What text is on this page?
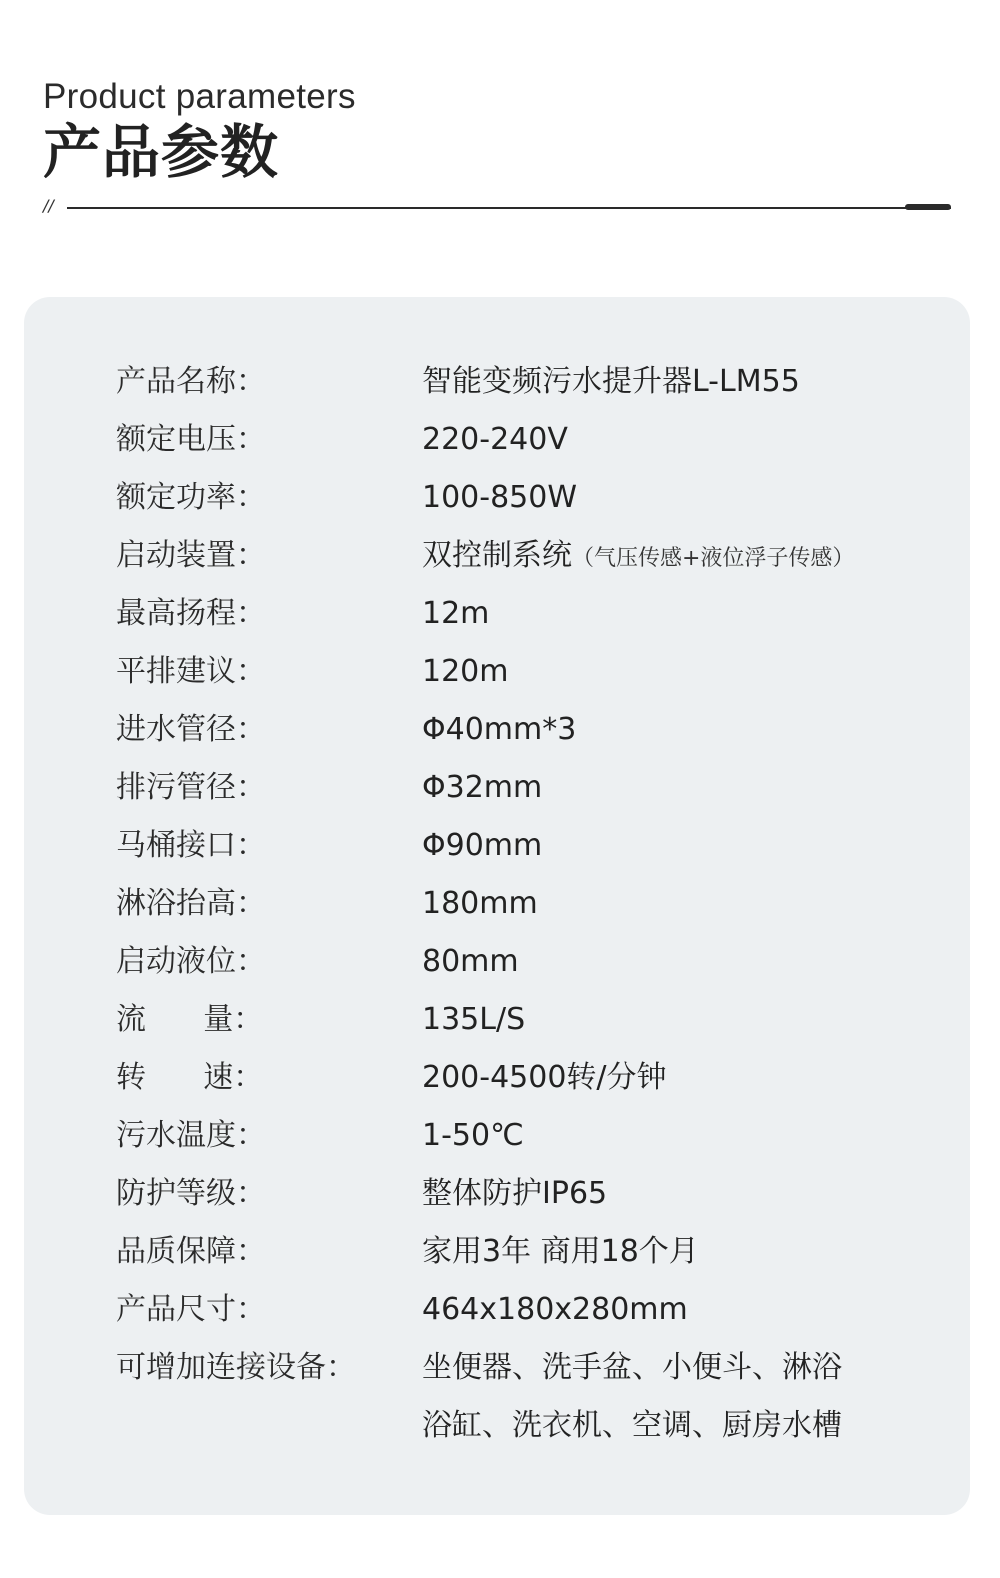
Product parameters
产品参数
//
产品名称：	智能变频污水提升器L-LM55
额定电压：	220-240V
额定功率：	100-850W
启动装置：	双控制系统（气压传感+液位浮子传感）
最高扬程：	12m
平排建议：	120m
进水管径：	Φ40mm*3
排污管径：	Φ32mm
马桶接口：	Φ90mm
淋浴抬高：	180mm
启动液位：	80mm
流      量：	135L/S
转      速：	200-4500转/分钟
污水温度：	1-50℃
防护等级：	整体防护IP65
品质保障：	家用3年 商用18个月
产品尺寸：	464x180x280mm
可增加连接设备：	坐便器、洗手盆、小便斗、淋浴
浴缸、洗衣机、空调、厨房水槽
